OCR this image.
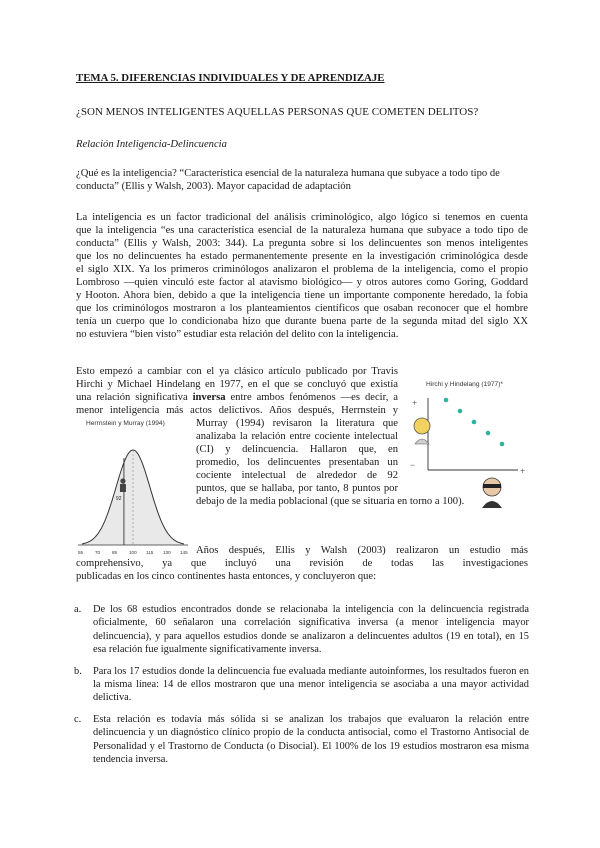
TEMA 5. DIFERENCIAS INDIVIDUALES Y DE APRENDIZAJE
¿SON MENOS INTELIGENTES AQUELLAS PERSONAS QUE COMETEN DELITOS?
Relación Inteligencia-Delincuencia
¿Qué es la inteligencia? “Característica esencial de la naturaleza humana que subyace a todo tipo de
conducta” (Ellis y Walsh, 2003). Mayor capacidad de adaptación
La inteligencia es un factor tradicional del análisis criminológico, algo lógico si tenemos en cuenta
que la inteligencia “es una característica esencial de la naturaleza humana que subyace a todo tipo de
conducta” (Ellis y Walsh, 2003: 344). La pregunta sobre si los delincuentes son menos inteligentes
que los no delincuentes ha estado permanentemente presente en la investigación criminológica desde
el siglo XIX. Ya los primeros criminólogos analizaron el problema de la inteligencia, como el propio
Lombroso —quien vinculó este factor al atavismo biológico— y otros autores como Goring, Goddard
y Hooton. Ahora bien, debido a que la inteligencia tiene un importante componente heredado, la fobia
que los criminólogos mostraron a los planteamientos científicos que osaban reconocer que el hombre
tenía un cuerpo que lo condicionaba hizo que durante buena parte de la segunda mitad del siglo XX
no estuviera “bien visto” estudiar esta relación del delito con la inteligencia.
Esto empezó a cambiar con el ya clásico artículo publicado por Travis
Hirchi y Michael Hindelang en 1977, en el que se concluyó que existía
una relación significativa inversa entre ambos fenómenos —es decir, a
menor inteligencia más actos delictivos. Años después, Herrnstein y
Murray (1994) revisaron la literatura que
analizaba la relación entre cociente intelectual
(CI) y delincuencia. Hallaron que, en
promedio, los delincuentes presentaban un
cociente intelectual de alrededor de 92
puntos, que se hallaba, por tanto, 8 puntos por
debajo de la media poblacional (que se situaría en torno a 100).
Herrnstein y Murray (1994)
92
55	70	85	100 115 130 145
Hirchi y Hindelang (1977)*
+
−
+
Años después, Ellis y Walsh (2003) realizaron un estudio más
comprehensivo, ya que incluyó una revisión de todas las investigaciones
publicadas en los cinco continentes hasta entonces, y concluyeron que:
a. De los 68 estudios encontrados donde se relacionaba la inteligencia con la delincuencia registrada oficialmente, 60 señalaron una correlación significativa inversa (a menor inteligencia mayor delincuencia), y para aquellos estudios donde se analizaron a delincuentes adultos (19 en total), en 15 esa relación fue igualmente significativamente inversa.
b. Para los 17 estudios donde la delincuencia fue evaluada mediante autoinformes, los resultados fueron en la misma línea: 14 de ellos mostraron que una menor inteligencia se asociaba a una mayor actividad delictiva.
c. Esta relación es todavía más sólida si se analizan los trabajos que evaluaron la relación entre delincuencia y un diagnóstico clínico propio de la conducta antisocial, como el Trastorno Antisocial de Personalidad y el Trastorno de Conducta (o Disocial). El 100% de los 19 estudios mostraron esa misma tendencia inversa.
